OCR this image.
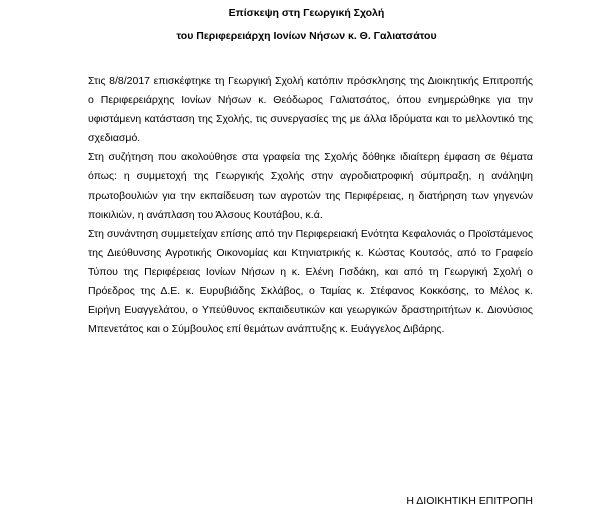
Επίσκεψη στη Γεωργική Σχολή
του Περιφερειάρχη Ιονίων Νήσων κ. Θ. Γαλιατσάτου

Στις 8/8/2017 επισκέφτηκε τη Γεωργική Σχολή κατόπιν πρόσκλησης της Διοικητικής Επιτροπής ο Περιφερειάρχης Ιονίων Νήσων κ. Θεόδωρος Γαλιατσάτος, όπου ενημερώθηκε για την υφιστάμενη κατάσταση της Σχολής, τις συνεργασίες της με άλλα Ιδρύματα και το μελλοντικό της σχεδιασμό.

Στη συζήτηση που ακολούθησε στα γραφεία της Σχολής δόθηκε ιδιαίτερη έμφαση σε θέματα όπως: η συμμετοχή της Γεωργικής Σχολής στην αγροδιατροφική σύμπραξη, η ανάληψη πρωτοβουλιών για την εκπαίδευση των αγροτών της Περιφέρειας, η διατήρηση των γηγενών ποικιλιών, η ανάπλαση του Άλσους Κουτάβου, κ.ά.

Στη συνάντηση συμμετείχαν επίσης από την Περιφερειακή Ενότητα Κεφαλονιάς ο Προϊστάμενος της Διεύθυνσης Αγροτικής Οικονομίας και Κτηνιατρικής κ. Κώστας Κουτσός, από το Γραφείο Τύπου της Περιφέρειας Ιονίων Νήσων η κ. Ελένη Γισδάκη, και από τη Γεωργική Σχολή ο Πρόεδρος της Δ.Ε. κ. Ευρυβιάδης Σκλάβος, ο Ταμίας κ. Στέφανος Κοκκόσης, το Μέλος κ. Ειρήνη Ευαγγελάτου, ο Υπεύθυνος εκπαιδευτικών και γεωργικών δραστηριτήτων κ. Διονύσιος Μπενετάτος και ο Σύμβουλος επί θεμάτων ανάπτυξης κ. Ευάγγελος Διβάρης.

Η ΔΙΟΙΚΗΤΙΚΗ ΕΠΙΤΡΟΠΗ
